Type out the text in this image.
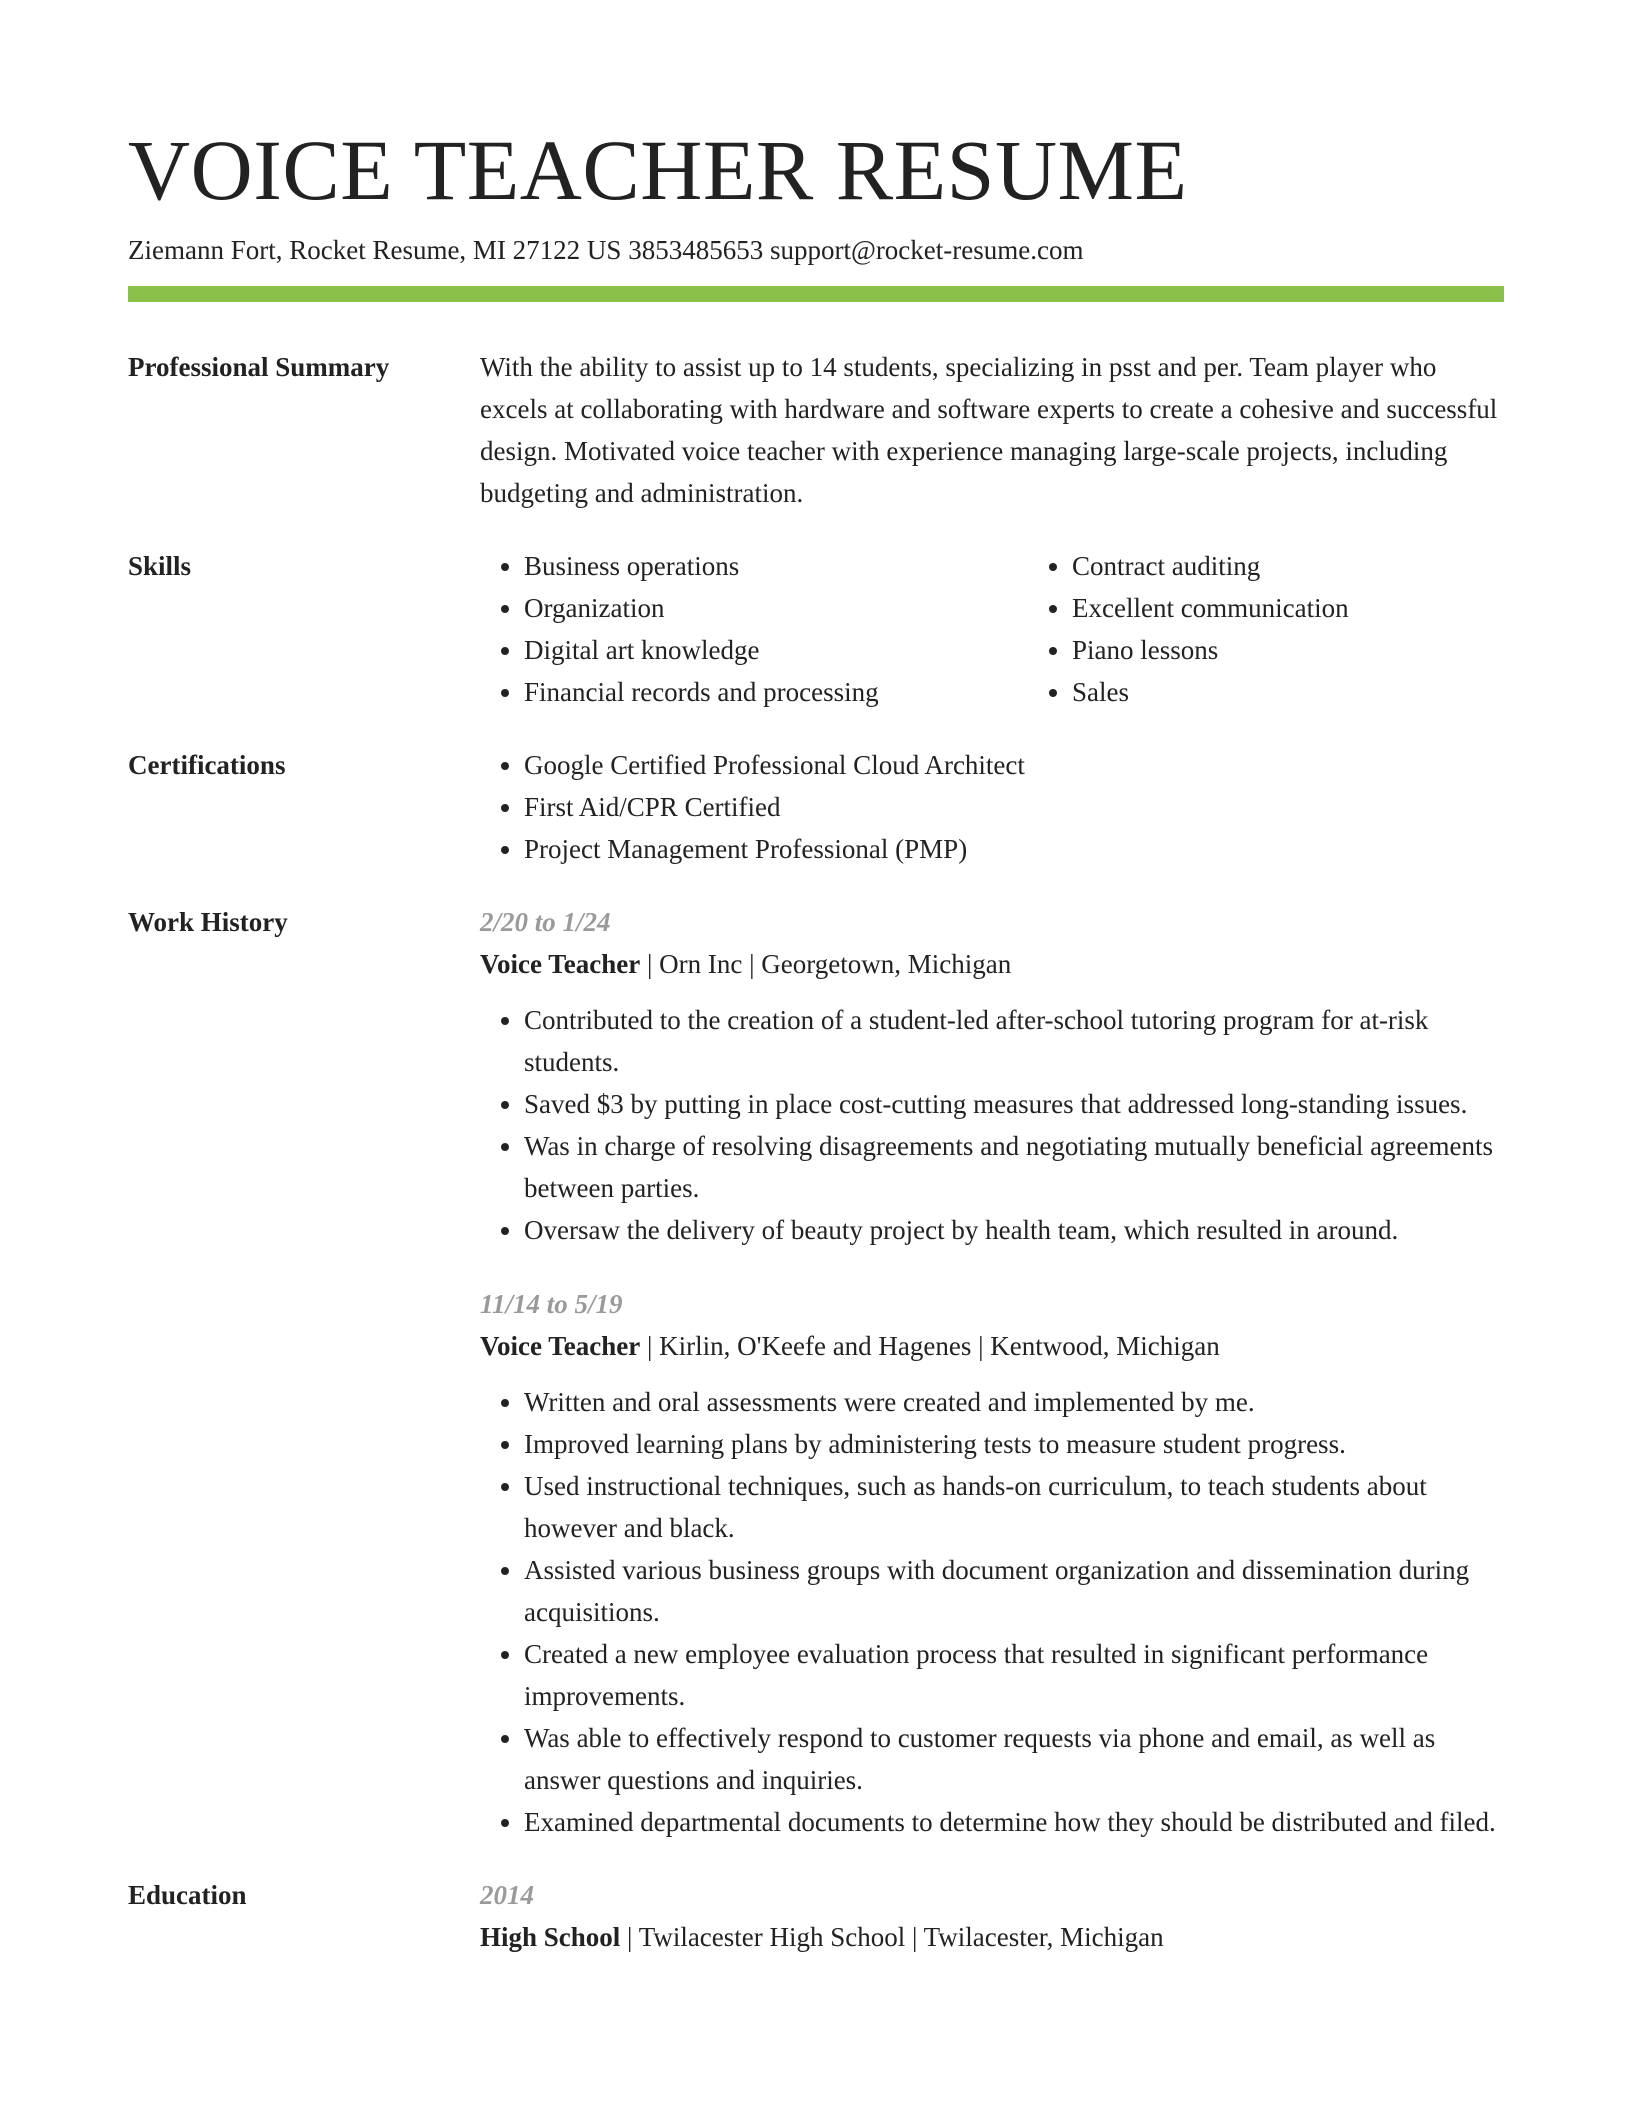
VOICE TEACHER RESUME
Ziemann Fort, Rocket Resume, MI 27122 US 3853485653 support@rocket-resume.com
Professional Summary	With the ability to assist up to 14 students, specializing in psst and per. Team player who excels at collaborating with hardware and software experts to create a cohesive and successful design. Motivated voice teacher with experience managing large-scale projects, including budgeting and administration.

Skills	• Business operations
• Organization
• Digital art knowledge
• Financial records and processing
• Contract auditing
• Excellent communication
• Piano lessons
• Sales
Certifications	• Google Certified Professional Cloud Architect
• First Aid/CPR Certified
• Project Management Professional (PMP)
Work History	2/20 to 1/24
Voice Teacher | Orn Inc | Georgetown, Michigan
• Contributed to the creation of a student-led after-school tutoring program for at-risk students.
• Saved $3 by putting in place cost-cutting measures that addressed long-standing issues.
• Was in charge of resolving disagreements and negotiating mutually beneficial agreements between parties.
• Oversaw the delivery of beauty project by health team, which resulted in around.
11/14 to 5/19
Voice Teacher | Kirlin, O'Keefe and Hagenes | Kentwood, Michigan
• Written and oral assessments were created and implemented by me.
• Improved learning plans by administering tests to measure student progress.
• Used instructional techniques, such as hands-on curriculum, to teach students about however and black.
• Assisted various business groups with document organization and dissemination during acquisitions.
• Created a new employee evaluation process that resulted in significant performance improvements.
• Was able to effectively respond to customer requests via phone and email, as well as answer questions and inquiries.
• Examined departmental documents to determine how they should be distributed and filed.
Education	2014
High School | Twilacester High School | Twilacester, Michigan
